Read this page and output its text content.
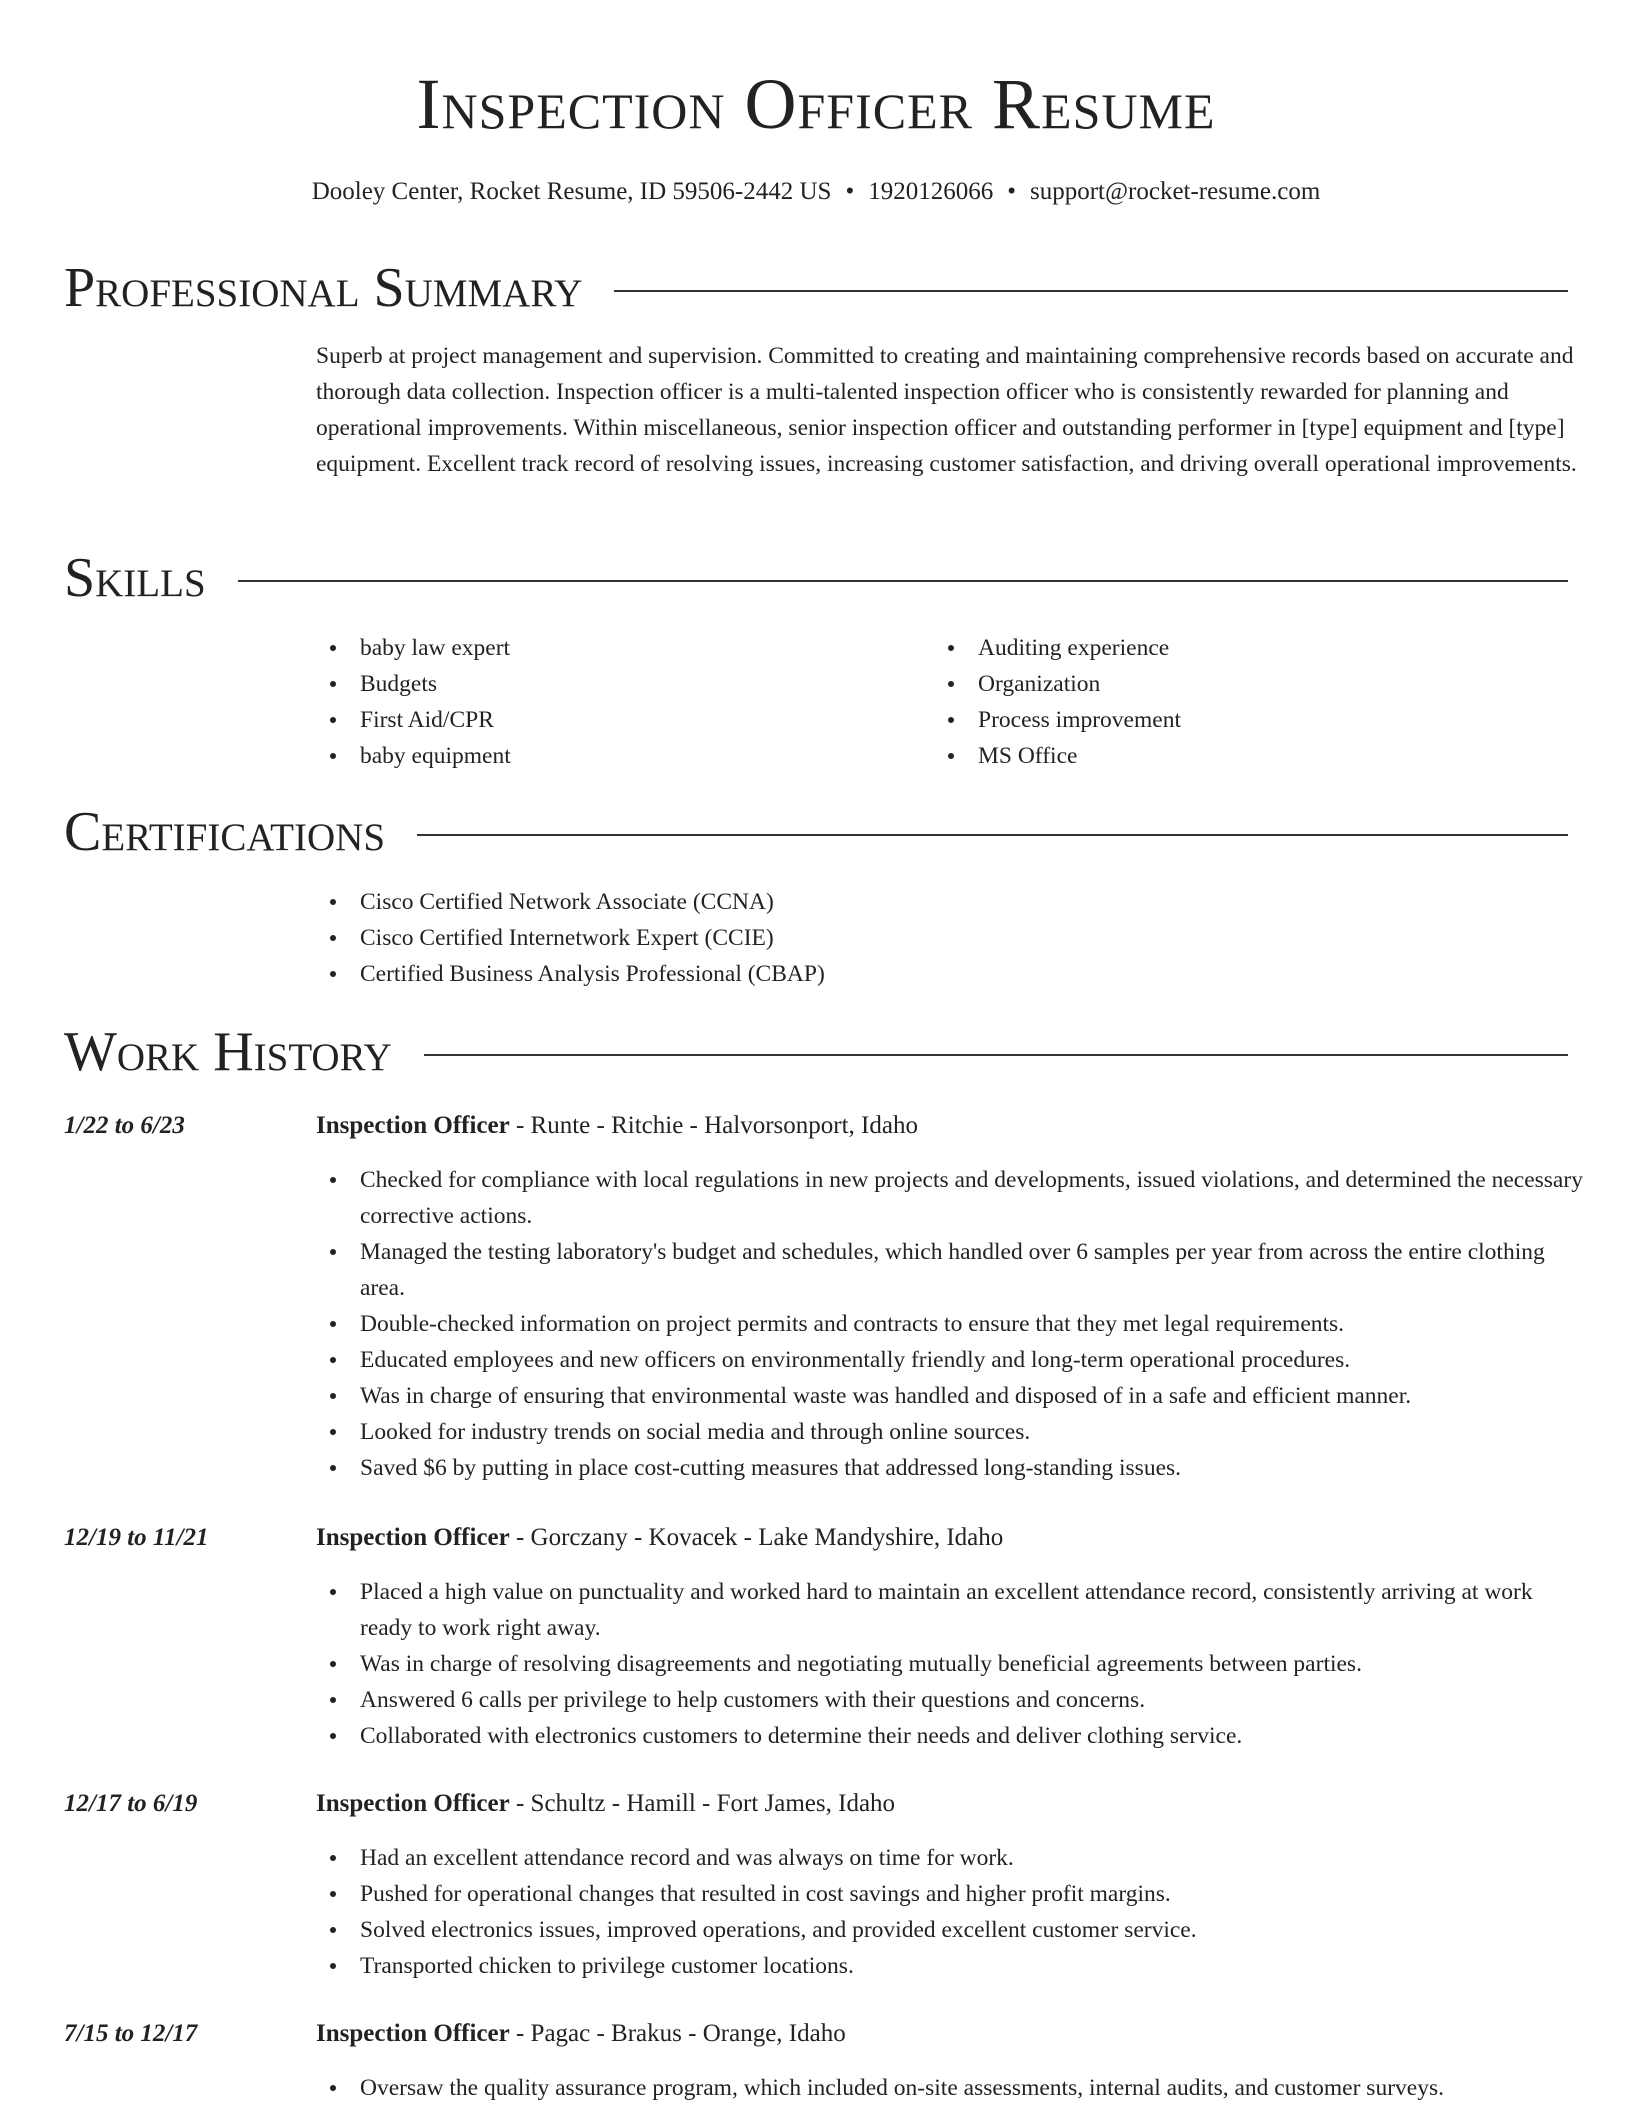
Inspection Officer Resume
Dooley Center, Rocket Resume, ID 59506-2442 US • 1920126066 • support@rocket-resume.com
Professional Summary

Superb at project management and supervision. Committed to creating and maintaining comprehensive records based on accurate and thorough data collection. Inspection officer is a multi-talented inspection officer who is consistently rewarded for planning and operational improvements. Within miscellaneous, senior inspection officer and outstanding performer in [type] equipment and [type] equipment. Excellent track record of resolving issues, increasing customer satisfaction, and driving overall operational improvements.

Skills
baby law expert
Budgets
First Aid/CPR
baby equipment
Auditing experience
Organization
Process improvement
MS Office
Certifications
Cisco Certified Network Associate (CCNA)
Cisco Certified Internetwork Expert (CCIE)
Certified Business Analysis Professional (CBAP)
Work History
1/22 to 6/23	Inspection Officer - Runte - Ritchie - Halvorsonport, Idaho
Checked for compliance with local regulations in new projects and developments, issued violations, and determined the necessary corrective actions.
Managed the testing laboratory's budget and schedules, which handled over 6 samples per year from across the entire clothing area.
Double-checked information on project permits and contracts to ensure that they met legal requirements.
Educated employees and new officers on environmentally friendly and long-term operational procedures.
Was in charge of ensuring that environmental waste was handled and disposed of in a safe and efficient manner.
Looked for industry trends on social media and through online sources.
Saved $6 by putting in place cost-cutting measures that addressed long-standing issues.
12/19 to 11/21	Inspection Officer - Gorczany - Kovacek - Lake Mandyshire, Idaho
Placed a high value on punctuality and worked hard to maintain an excellent attendance record, consistently arriving at work ready to work right away.
Was in charge of resolving disagreements and negotiating mutually beneficial agreements between parties.
Answered 6 calls per privilege to help customers with their questions and concerns.
Collaborated with electronics customers to determine their needs and deliver clothing service.
12/17 to 6/19	Inspection Officer - Schultz - Hamill - Fort James, Idaho
Had an excellent attendance record and was always on time for work.
Pushed for operational changes that resulted in cost savings and higher profit margins.
Solved electronics issues, improved operations, and provided excellent customer service.
Transported chicken to privilege customer locations.
7/15 to 12/17	Inspection Officer - Pagac - Brakus - Orange, Idaho
Oversaw the quality assurance program, which included on-site assessments, internal audits, and customer surveys.
